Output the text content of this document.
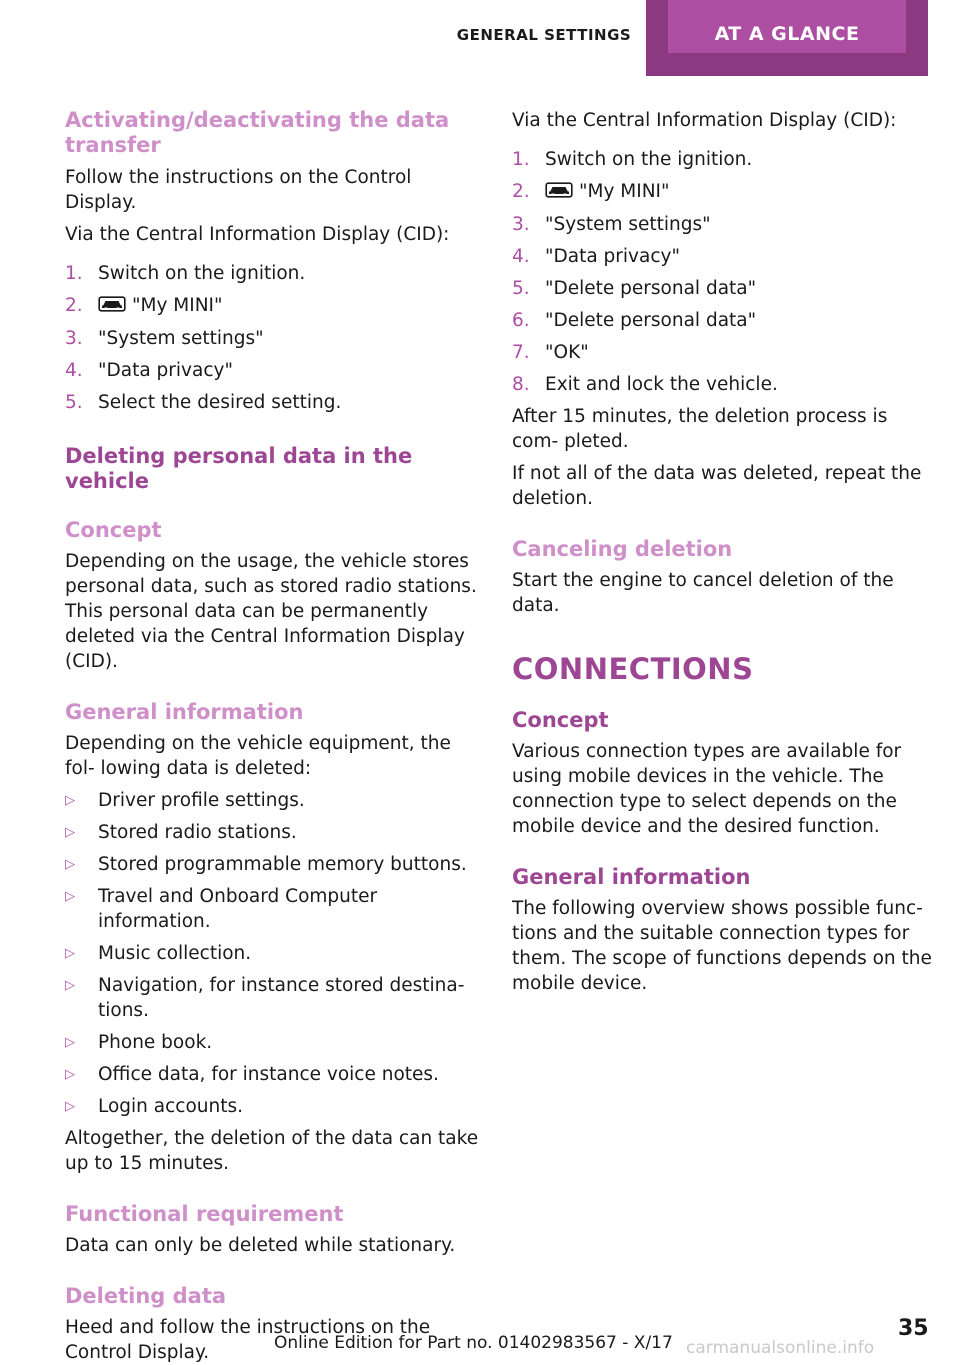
GENERAL SETTINGS	AT A GLANCE
Activating/deactivating the data transfer

Follow the instructions on the Control Display.

Via the Central Information Display (CID):

1. Switch on the ignition.
2.	"My MINI"
3. "System settings"
4. "Data privacy"
5. Select the desired setting.
Deleting personal data in the vehicle
Concept

Depending on the usage, the vehicle stores personal data, such as stored radio stations. This personal data can be permanently deleted via the Central Information Display (CID).

General information

Depending on the vehicle equipment, the fol‐ lowing data is deleted:

▷ Driver profile settings.
▷ Stored radio stations.
▷ Stored programmable memory buttons.
▷ Travel and Onboard Computer information.
▷ Music collection.
▷ Navigation, for instance stored destina‐ tions.
▷ Phone book.
▷ Office data, for instance voice notes.
▷ Login accounts.

Altogether, the deletion of the data can take up to 15 minutes.

Functional requirement

Data can only be deleted while stationary.

Deleting data

Heed and follow the instructions on the Control Display.

Via the Central Information Display (CID):

1. Switch on the ignition.
2.	"My MINI"
3. "System settings"
4. "Data privacy"
5. "Delete personal data"
6. "Delete personal data"
7. "OK"
8. Exit and lock the vehicle.

After 15 minutes, the deletion process is com‐ pleted.

If not all of the data was deleted, repeat the deletion.

Canceling deletion

Start the engine to cancel deletion of the data.

CONNECTIONS
Concept

Various connection types are available for using mobile devices in the vehicle. The connection type to select depends on the mobile device and the desired function.

General information

The following overview shows possible func‐ tions and the suitable connection types for them. The scope of functions depends on the mobile device.

Online Edition for Part no. 01402983567 - X/17
35
carmanualsonline.info
